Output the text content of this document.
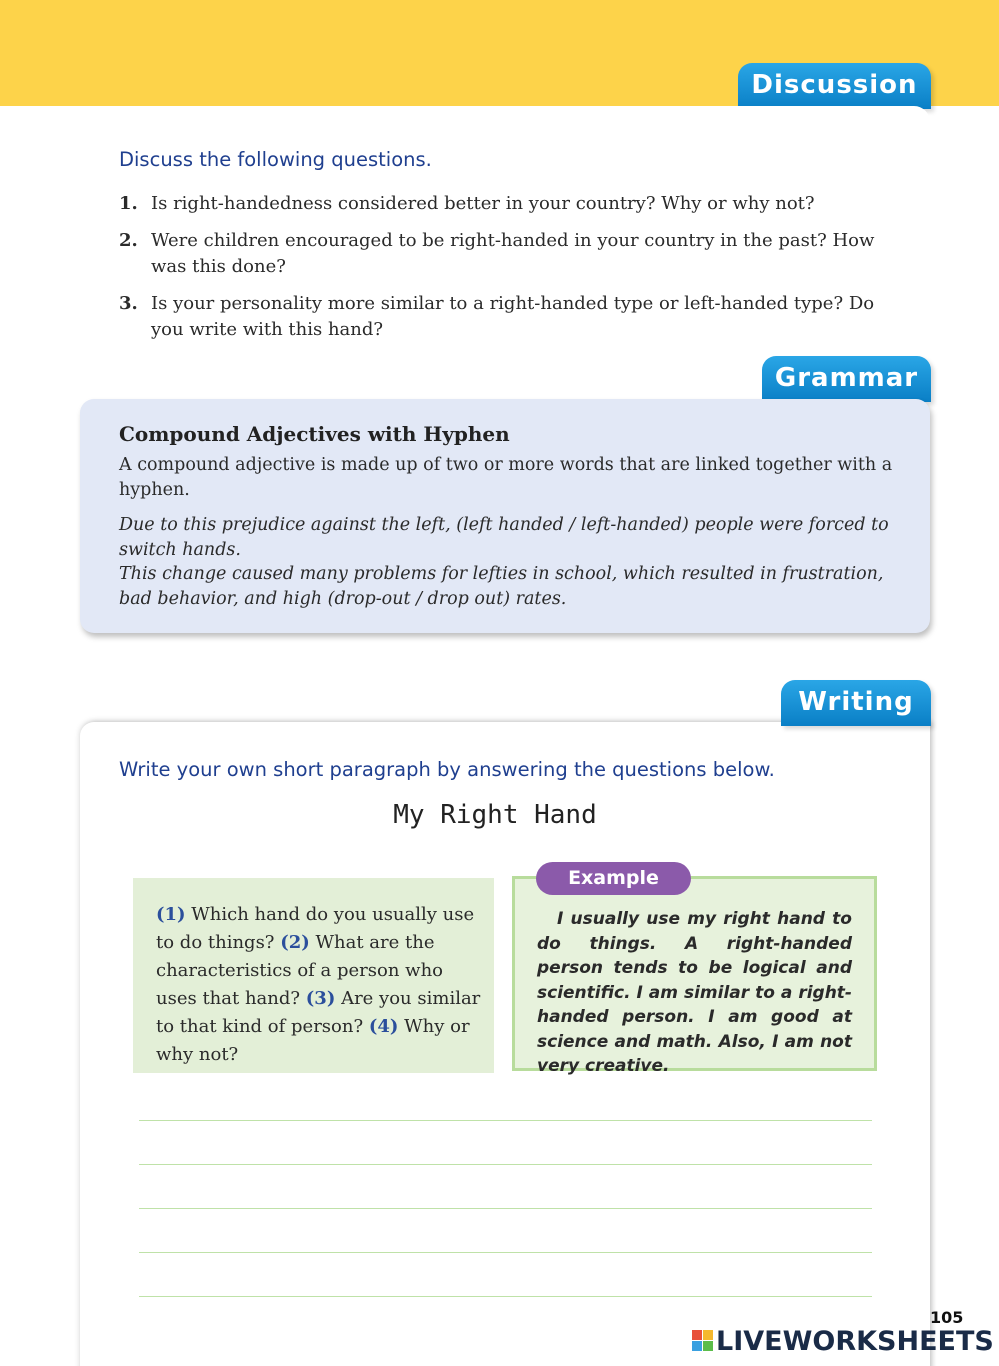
Discussion
Discuss the following questions.
1. Is right-handedness considered better in your country? Why or why not?
2. Were children encouraged to be right-handed in your country in the past? How was this done?
3. Is your personality more similar to a right-handed type or left-handed type? Do you write with this hand?
Grammar
Compound Adjectives with Hyphen
A compound adjective is made up of two or more words that are linked together with a hyphen.
Due to this prejudice against the left, (left handed / left-handed) people were forced to switch hands.
This change caused many problems for lefties in school, which resulted in frustration, bad behavior, and high (drop-out / drop out) rates.
Writing
Write your own short paragraph by answering the questions below.
My Right Hand
(1) Which hand do you usually use to do things? (2) What are the characteristics of a person who uses that hand? (3) Are you similar to that kind of person? (4) Why or why not?
Example
I usually use my right hand to do things. A right-handed person tends to be logical and scientific. I am similar to a right-handed person. I am good at science and math. Also, I am not very creative.
105
LIVEWORKSHEETS
